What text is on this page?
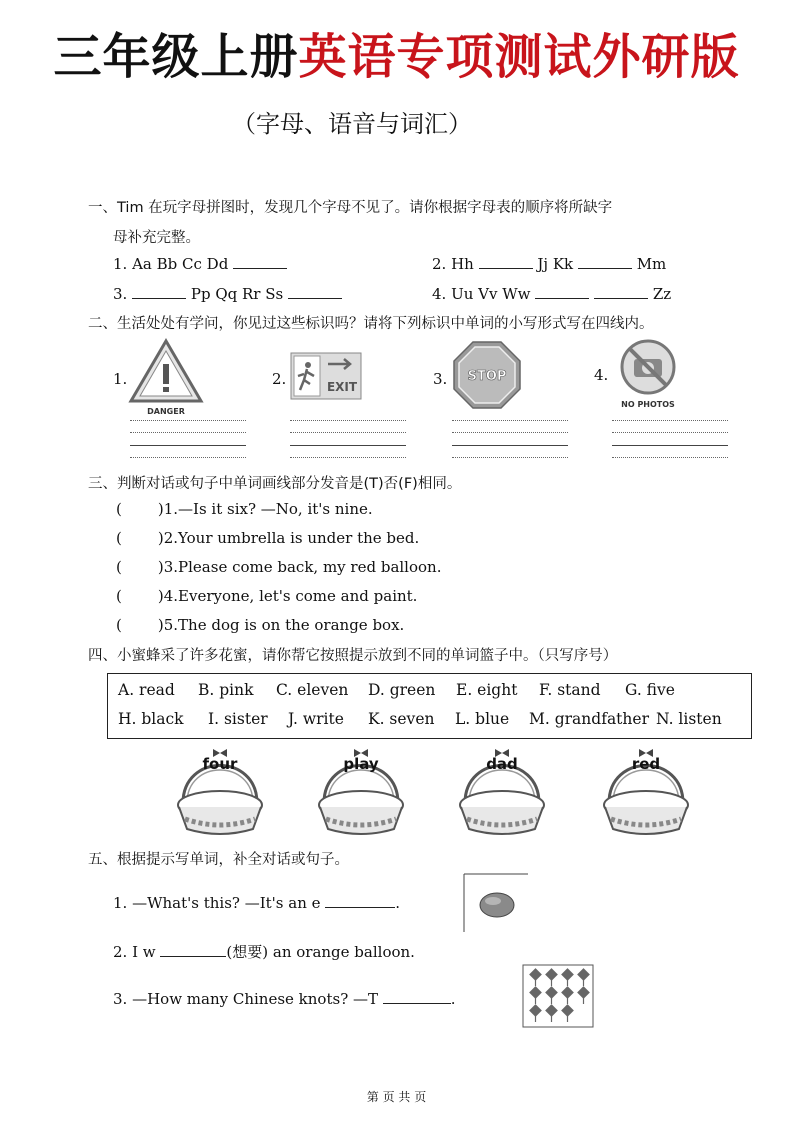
三年级上册英语专项测试外研版
（字母、语音与词汇）
一、Tim 在玩字母拼图时，发现几个字母不见了。请你根据字母表的顺序将所缺字
母补充完整。
1. Aa Bb Cc Dd	2. Hh	Jj Kk	Mm
3.	Pp Qq Rr Ss	4. Uu Vv Ww	Zz
二、生活处处有学问，你见过这些标识吗？请将下列标识中单词的小写形式写在四线内。
1.
DANGER
2.	EXIT	3. STOP	4.
NO PHOTOS
三、判断对话或句子中单词画线部分发音是(T)否(F)相同。
( )1.—Is it six? —No, it's nine.
( )2.Your umbrella is under the bed.
( )3.Please come back, my red balloon.
( )4.Everyone, let's come and paint.
( )5.The dog is on the orange box.
四、小蜜蜂采了许多花蜜，请你帮它按照提示放到不同的单词篮子中。（只写序号）
A. read B. pink C. eleven D. green E. eight F. stand G. five
H. black I. sister J. write K. seven L. blue M. grandfather N. listen
four	play	dad	red
五、根据提示写单词，补全对话或句子。
1. —What's this? —It's an e	.
2. I w	(想要) an orange balloon.
3. —How many Chinese knots? —T	.
第 页 共 页
